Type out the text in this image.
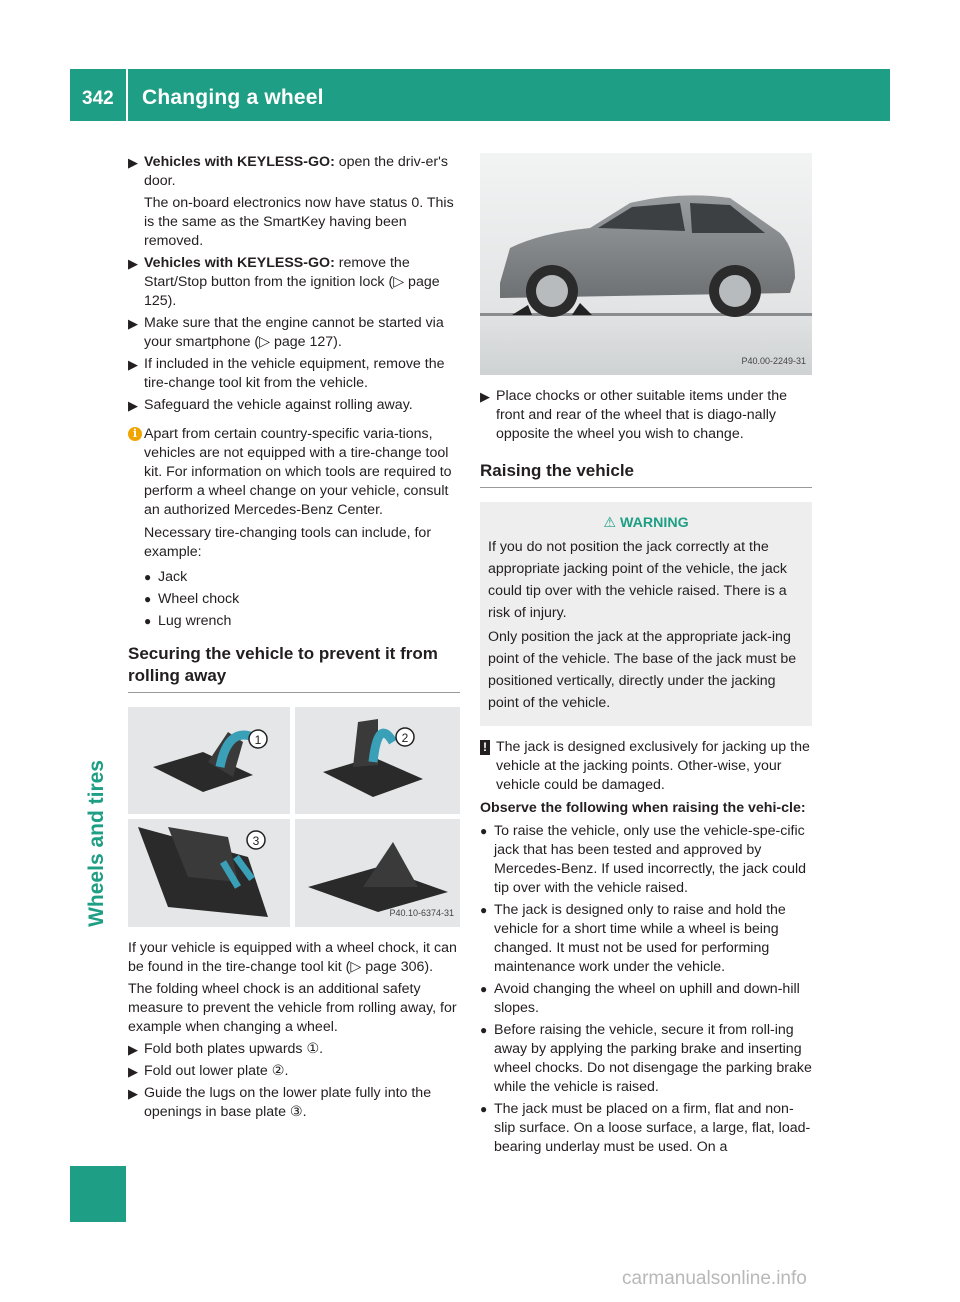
342 Changing a wheel
Wheels and tires
▶ Vehicles with KEYLESS-GO: open the driv-er's door.
The on-board electronics now have status 0. This is the same as the SmartKey having been removed.
▶ Vehicles with KEYLESS-GO: remove the Start/Stop button from the ignition lock (▷ page 125).
▶ Make sure that the engine cannot be started via your smartphone (▷ page 127).
▶ If included in the vehicle equipment, remove the tire-change tool kit from the vehicle.
▶ Safeguard the vehicle against rolling away.
i Apart from certain country-specific varia-tions, vehicles are not equipped with a tire-change tool kit. For information on which tools are required to perform a wheel change on your vehicle, consult an authorized Mercedes-Benz Center.

Necessary tire-changing tools can include, for example:

● Jack
● Wheel chock
● Lug wrench
Securing the vehicle to prevent it from rolling away
1	2
3
P40.10-6374-31
If your vehicle is equipped with a wheel chock, it can be found in the tire-change tool kit (▷ page 306).
The folding wheel chock is an additional safety measure to prevent the vehicle from rolling away, for example when changing a wheel.
▶ Fold both plates upwards ①.
▶ Fold out lower plate ②.
▶ Guide the lugs on the lower plate fully into the openings in base plate ③.
P40.00-2249-31
▶ Place chocks or other suitable items under the front and rear of the wheel that is diago-nally opposite the wheel you wish to change.
Raising the vehicle
⚠ WARNING

If you do not position the jack correctly at the appropriate jacking point of the vehicle, the jack could tip over with the vehicle raised. There is a risk of injury.

Only position the jack at the appropriate jack-ing point of the vehicle. The base of the jack must be positioned vertically, directly under the jacking point of the vehicle.

! The jack is designed exclusively for jacking up the vehicle at the jacking points. Other-wise, your vehicle could be damaged.
Observe the following when raising the vehi-cle:
● To raise the vehicle, only use the vehicle-spe-cific jack that has been tested and approved by Mercedes-Benz. If used incorrectly, the jack could tip over with the vehicle raised.
● The jack is designed only to raise and hold the vehicle for a short time while a wheel is being changed. It must not be used for performing maintenance work under the vehicle.
● Avoid changing the wheel on uphill and down-hill slopes.
● Before raising the vehicle, secure it from roll-ing away by applying the parking brake and inserting wheel chocks. Do not disengage the parking brake while the vehicle is raised.
● The jack must be placed on a firm, flat and non-slip surface. On a loose surface, a large, flat, load-bearing underlay must be used. On a
carmanualsonline.info
